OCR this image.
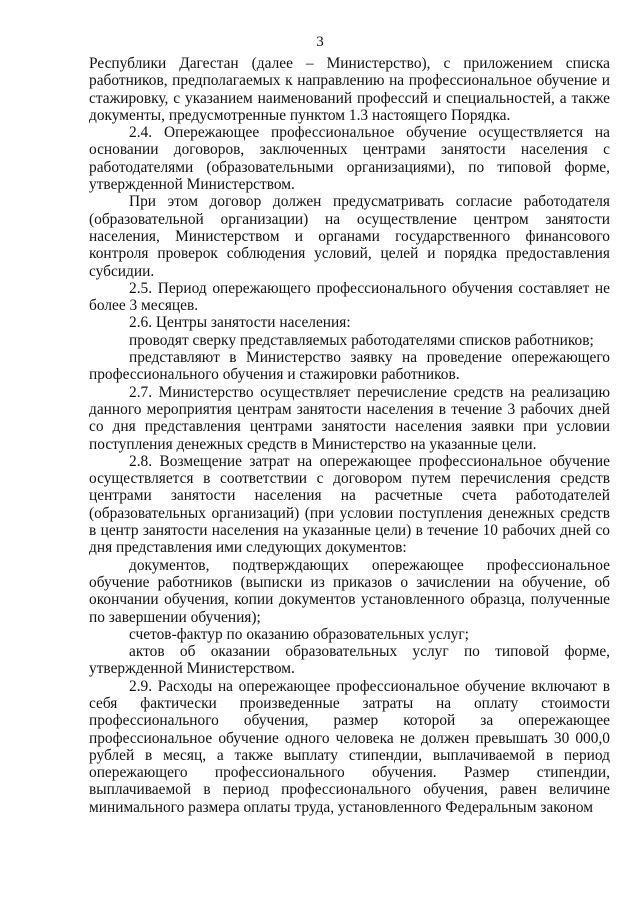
3

Республики Дагестан (далее – Министерство), с приложением списка работников, предполагаемых к направлению на профессиональное обучение и стажировку, с указанием наименований профессий и специальностей, а также документы, предусмотренные пунктом 1.3 настоящего Порядка.

2.4. Опережающее профессиональное обучение осуществляется на основании договоров, заключенных центрами занятости населения с работодателями (образовательными организациями), по типовой форме, утвержденной Министерством.

При этом договор должен предусматривать согласие работодателя (образовательной организации) на осуществление центром занятости населения, Министерством и органами государственного финансового контроля проверок соблюдения условий, целей и порядка предоставления субсидии.

2.5. Период опережающего профессионального обучения составляет не более 3 месяцев.

2.6. Центры занятости населения:

проводят сверку представляемых работодателями списков работников;

представляют в Министерство заявку на проведение опережающего профессионального обучения и стажировки работников.

2.7. Министерство осуществляет перечисление средств на реализацию данного мероприятия центрам занятости населения в течение 3 рабочих дней со дня представления центрами занятости населения заявки при условии поступления денежных средств в Министерство на указанные цели.

2.8. Возмещение затрат на опережающее профессиональное обучение осуществляется в соответствии с договором путем перечисления средств центрами занятости населения на расчетные счета работодателей (образовательных организаций) (при условии поступления денежных средств в центр занятости населения на указанные цели) в течение 10 рабочих дней со дня представления ими следующих документов:

документов, подтверждающих опережающее профессиональное обучение работников (выписки из приказов о зачислении на обучение, об окончании обучения, копии документов установленного образца, полученные по завершении обучения);

счетов-фактур по оказанию образовательных услуг;

актов об оказании образовательных услуг по типовой форме, утвержденной Министерством.

2.9. Расходы на опережающее профессиональное обучение включают в себя фактически произведенные затраты на оплату стоимости профессионального обучения, размер которой за опережающее профессиональное обучение одного человека не должен превышать 30 000,0 рублей в месяц, а также выплату стипендии, выплачиваемой в период опережающего профессионального обучения. Размер стипендии, выплачиваемой в период профессионального обучения, равен величине минимального размера оплаты труда, установленного Федеральным законом
